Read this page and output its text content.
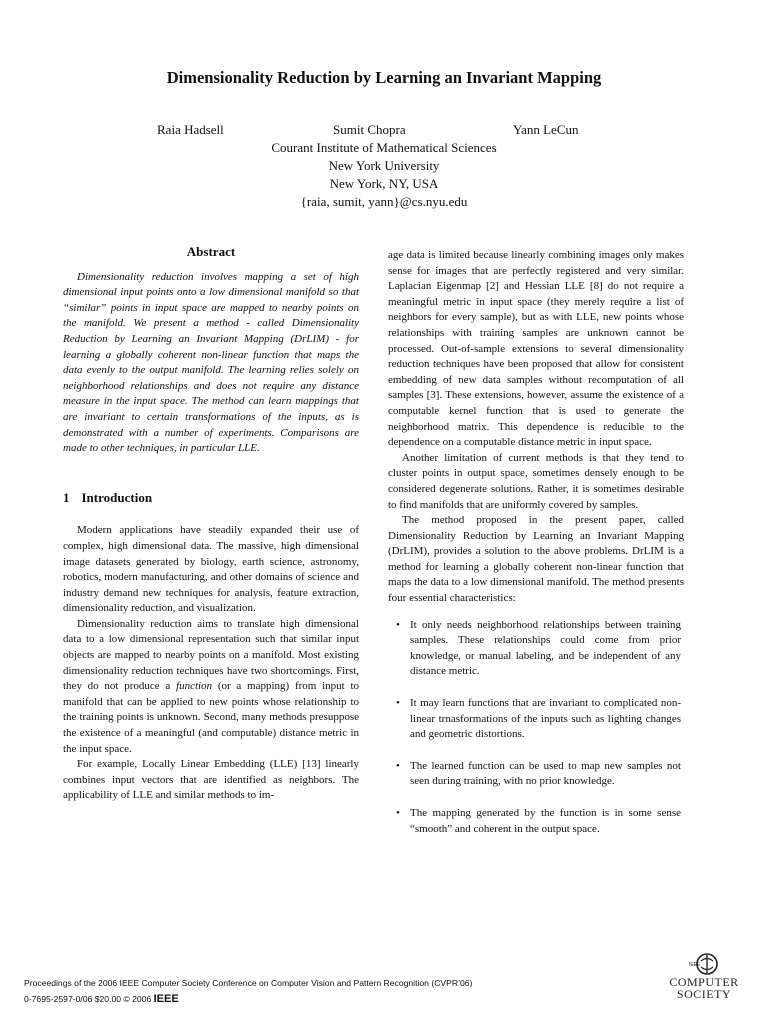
Dimensionality Reduction by Learning an Invariant Mapping
Raia Hadsell	Sumit Chopra	Yann LeCun
Courant Institute of Mathematical Sciences
New York University
New York, NY, USA
{raia, sumit, yann}@cs.nyu.edu
Abstract

Dimensionality reduction involves mapping a set of high dimensional input points onto a low dimensional manifold so that “similar” points in input space are mapped to nearby points on the manifold. We present a method - called Dimensionality Reduction by Learning an Invariant Mapping (DrLIM) - for learning a globally coherent non-linear function that maps the data evenly to the output manifold. The learning relies solely on neighborhood relationships and does not require any distance measure in the input space. The method can learn mappings that are invariant to certain transformations of the inputs, as is demonstrated with a number of experiments. Comparisons are made to other techniques, in particular LLE.

1 Introduction

Modern applications have steadily expanded their use of complex, high dimensional data. The massive, high dimensional image datasets generated by biology, earth science, astronomy, robotics, modern manufacturing, and other domains of science and industry demand new techniques for analysis, feature extraction, dimensionality reduction, and visualization.

Dimensionality reduction aims to translate high dimensional data to a low dimensional representation such that similar input objects are mapped to nearby points on a manifold. Most existing dimensionality reduction techniques have two shortcomings. First, they do not produce a function (or a mapping) from input to manifold that can be applied to new points whose relationship to the training points is unknown. Second, many methods presuppose the existence of a meaningful (and computable) distance metric in the input space.

For example, Locally Linear Embedding (LLE) [13] linearly combines input vectors that are identified as neighbors. The applicability of LLE and similar methods to im-

age data is limited because linearly combining images only makes sense for images that are perfectly registered and very similar. Laplacian Eigenmap [2] and Hessian LLE [8] do not require a meaningful metric in input space (they merely require a list of neighbors for every sample), but as with LLE, new points whose relationships with training samples are unknown cannot be processed. Out-of-sample extensions to several dimensionality reduction techniques have been proposed that allow for consistent embedding of new data samples without recomputation of all samples [3]. These extensions, however, assume the existence of a computable kernel function that is used to generate the neighborhood matrix. This dependence is reducible to the dependence on a computable distance metric in input space.

Another limitation of current methods is that they tend to cluster points in output space, sometimes densely enough to be considered degenerate solutions. Rather, it is sometimes desirable to find manifolds that are uniformly covered by samples.

The method proposed in the present paper, called Dimensionality Reduction by Learning an Invariant Mapping (DrLIM), provides a solution to the above problems. DrLIM is a method for learning a globally coherent non-linear function that maps the data to a low dimensional manifold. The method presents four essential characteristics:

• It only needs neighborhood relationships between training samples. These relationships could come from prior knowledge, or manual labeling, and be independent of any distance metric.
• It may learn functions that are invariant to complicated non-linear trnasformations of the inputs such as lighting changes and geometric distortions.
• The learned function can be used to map new samples not seen during training, with no prior knowledge.
• The mapping generated by the function is in some sense “smooth” and coherent in the output space.
Proceedings of the 2006 IEEE Computer Society Conference on Computer Vision and Pattern Recognition (CVPR’06)
0-7695-2597-0/06 $20.00 © 2006 IEEE
IEEE
COMPUTER
SOCIETY
